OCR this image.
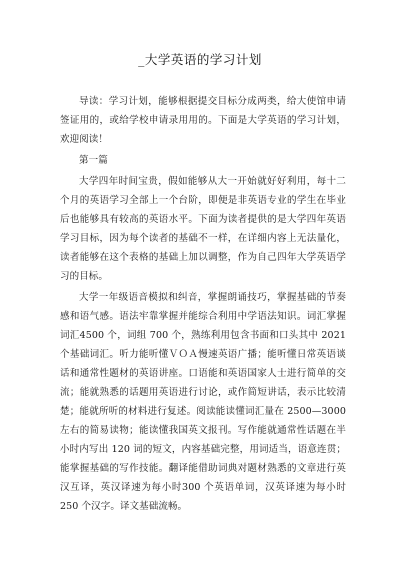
_大学英语的学习计划

导读：学习计划，能够根据提交目标分成两类，给大使馆申请签证用的，或给学校申请录用用的。下面是大学英语的学习计划，欢迎阅读！

第一篇

大学四年时间宝贵，假如能够从大一开始就好好利用，每十二个月的英语学习全部上一个台阶，即便是非英语专业的学生在毕业后也能够具有较高的英语水平。下面为读者提供的是大学四年英语学习目标，因为每个读者的基础不一样，在详细内容上无法量化，读者能够在这个表格的基础上加以调整，作为自己四年大学英语学习的目标。

大学一年级语音模拟和纠音，掌握朗诵技巧，掌握基础的节奏感和语气感。语法牢靠掌握并能综合利用中学语法知识。词汇掌握词汇4500 个，词组 700 个，熟练利用包含书面和口头其中 2021 个基础词汇。听力能听懂ＶＯＡ慢速英语广播；能听懂日常英语谈话和通常性题材的英语讲座。口语能和英语国家人士进行简单的交流；能就熟悉的话题用英语进行讨论，或作简短讲话，表示比较清楚；能就所听的材料进行复述。阅读能读懂词汇量在 2500—3000 左右的简易读物；能读懂我国英文报刊。写作能就通常性话题在半小时内写出 120 词的短文，内容基础完整，用词适当，语意连贯；能掌握基础的写作技能。翻译能借助词典对题材熟悉的文章进行英汉互译，英汉译速为每小时300 个英语单词，汉英译速为每小时 250 个汉字。译文基础流畅。
